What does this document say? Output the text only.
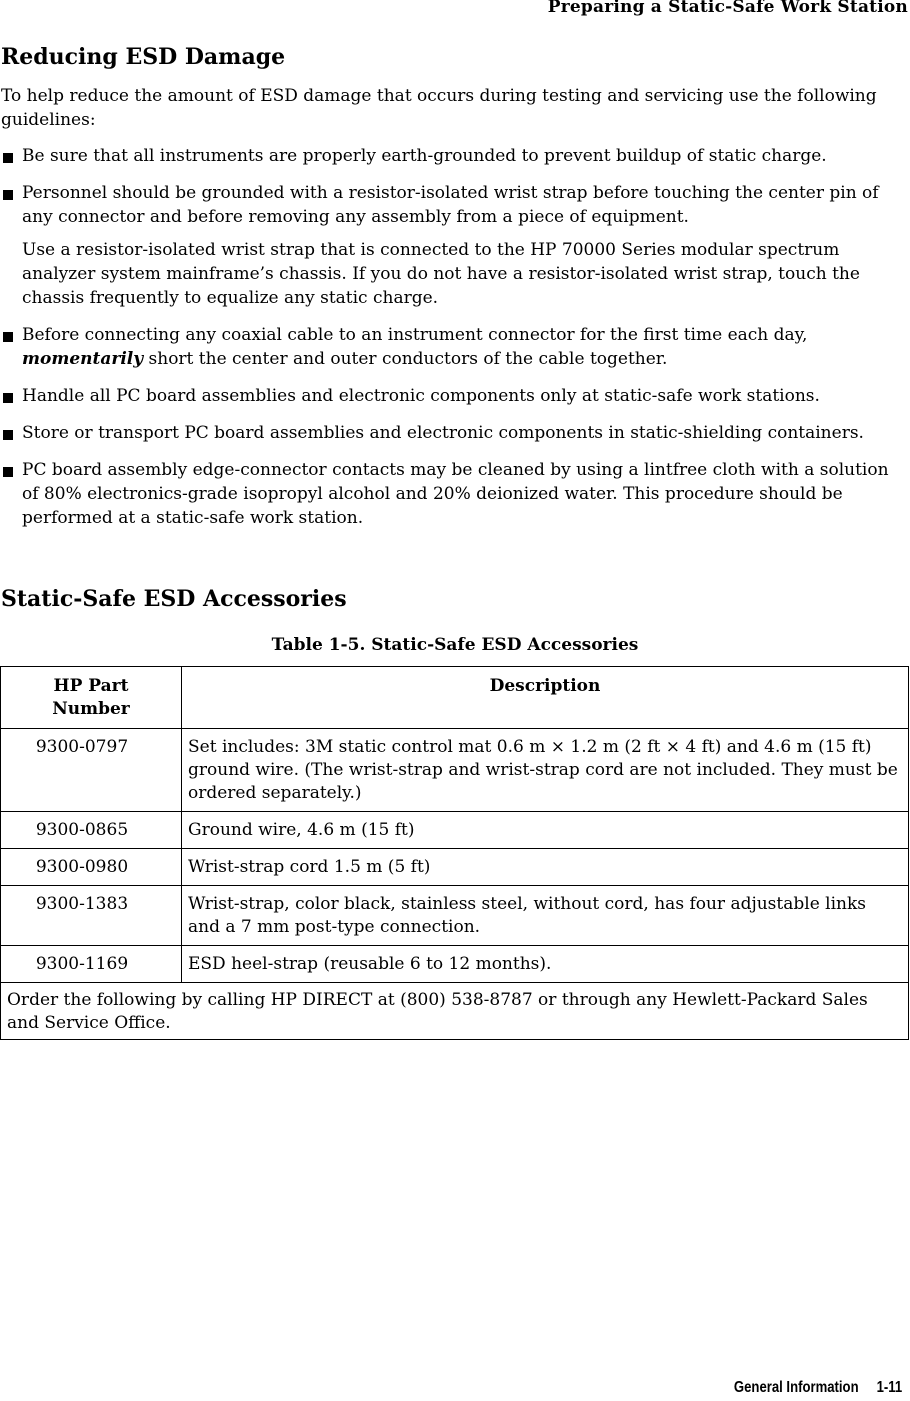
Preparing a Static-Safe Work Station
Reducing ESD Damage
To help reduce the amount of ESD damage that occurs during testing and servicing use the following guidelines:
Be sure that all instruments are properly earth-grounded to prevent buildup of static charge.
Personnel should be grounded with a resistor-isolated wrist strap before touching the center pin of any connector and before removing any assembly from a piece of equipment.
Use a resistor-isolated wrist strap that is connected to the HP 70000 Series modular spectrum analyzer system mainframe’s chassis. If you do not have a resistor-isolated wrist strap, touch the chassis frequently to equalize any static charge.
Before connecting any coaxial cable to an instrument connector for the first time each day, momentarily short the center and outer conductors of the cable together.
Handle all PC board assemblies and electronic components only at static-safe work stations.
Store or transport PC board assemblies and electronic components in static-shielding containers.
PC board assembly edge-connector contacts may be cleaned by using a lintfree cloth with a solution of 80% electronics-grade isopropyl alcohol and 20% deionized water. This procedure should be performed at a static-safe work station.
Static-Safe ESD Accessories
Table 1-5. Static-Safe ESD Accessories
HP Part
Number	Description
9300-0797	Set includes: 3M static control mat 0.6 m × 1.2 m (2 ft × 4 ft) and 4.6 m (15 ft) ground wire. (The wrist-strap and wrist-strap cord are not included. They must be ordered separately.)
9300-0865	Ground wire, 4.6 m (15 ft)
9300-0980	Wrist-strap cord 1.5 m (5 ft)
9300-1383	Wrist-strap, color black, stainless steel, without cord, has four adjustable links and a 7 mm post-type connection.
9300-1169	ESD heel-strap (reusable 6 to 12 months).
Order the following by calling HP DIRECT at (800) 538-8787 or through any Hewlett-Packard Sales and Service Office.	
General Information 1-11
